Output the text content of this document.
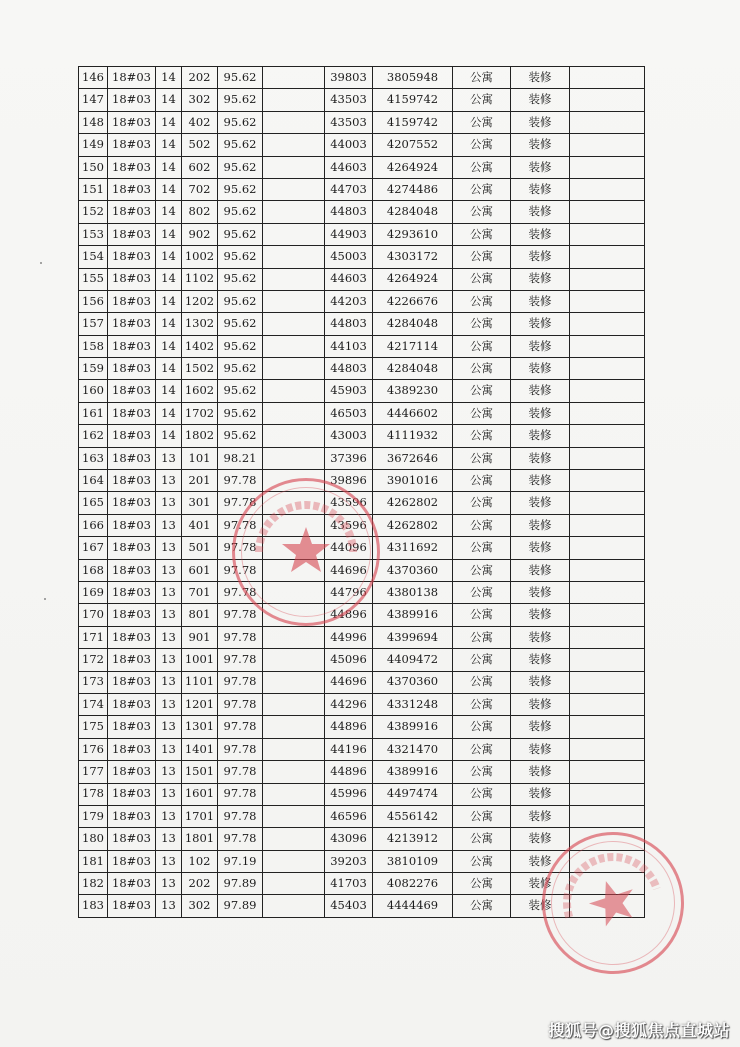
146	18#03	14	202	95.62		39803	3805948	公寓	装修	
147	18#03	14	302	95.62		43503	4159742	公寓	装修	
148	18#03	14	402	95.62		43503	4159742	公寓	装修	
149	18#03	14	502	95.62		44003	4207552	公寓	装修	
150	18#03	14	602	95.62		44603	4264924	公寓	装修	
151	18#03	14	702	95.62		44703	4274486	公寓	装修	
152	18#03	14	802	95.62		44803	4284048	公寓	装修	
153	18#03	14	902	95.62		44903	4293610	公寓	装修	
154	18#03	14	1002	95.62		45003	4303172	公寓	装修	
155	18#03	14	1102	95.62		44603	4264924	公寓	装修	
156	18#03	14	1202	95.62		44203	4226676	公寓	装修	
157	18#03	14	1302	95.62		44803	4284048	公寓	装修	
158	18#03	14	1402	95.62		44103	4217114	公寓	装修	
159	18#03	14	1502	95.62		44803	4284048	公寓	装修	
160	18#03	14	1602	95.62		45903	4389230	公寓	装修	
161	18#03	14	1702	95.62		46503	4446602	公寓	装修	
162	18#03	14	1802	95.62		43003	4111932	公寓	装修	
163	18#03	13	101	98.21		37396	3672646	公寓	装修	
164	18#03	13	201	97.78		39896	3901016	公寓	装修	
165	18#03	13	301	97.78		43596	4262802	公寓	装修	
166	18#03	13	401	97.78		43596	4262802	公寓	装修	
167	18#03	13	501	97.78		44096	4311692	公寓	装修	
168	18#03	13	601	97.78		44696	4370360	公寓	装修	
169	18#03	13	701	97.78		44796	4380138	公寓	装修	
170	18#03	13	801	97.78		44896	4389916	公寓	装修	
171	18#03	13	901	97.78		44996	4399694	公寓	装修	
172	18#03	13	1001	97.78		45096	4409472	公寓	装修	
173	18#03	13	1101	97.78		44696	4370360	公寓	装修	
174	18#03	13	1201	97.78		44296	4331248	公寓	装修	
175	18#03	13	1301	97.78		44896	4389916	公寓	装修	
176	18#03	13	1401	97.78		44196	4321470	公寓	装修	
177	18#03	13	1501	97.78		44896	4389916	公寓	装修	
178	18#03	13	1601	97.78		45996	4497474	公寓	装修	
179	18#03	13	1701	97.78		46596	4556142	公寓	装修	
180	18#03	13	1801	97.78		43096	4213912	公寓	装修	
181	18#03	13	102	97.19		39203	3810109	公寓	装修	
182	18#03	13	202	97.89		41703	4082276	公寓	装修	
183	18#03	13	302	97.89		45403	4444469	公寓	装修	
搜狐号@搜狐焦点直城站
